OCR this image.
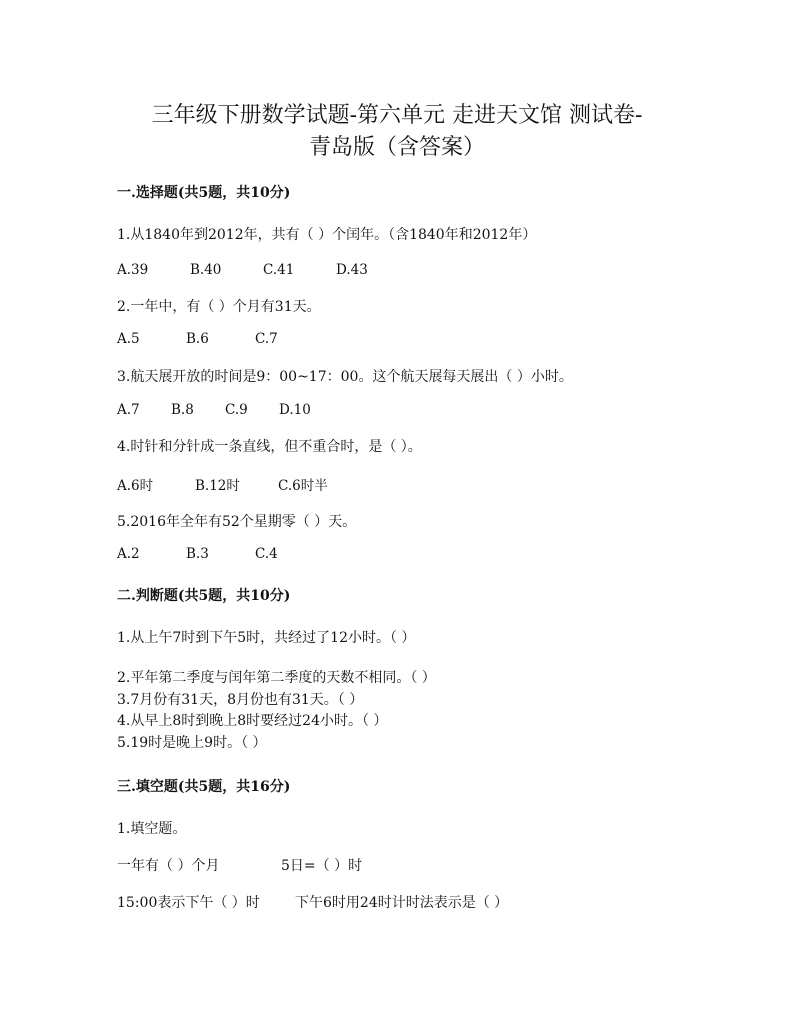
三年级下册数学试题-第六单元 走进天文馆 测试卷-
青岛版（含答案）
一.选择题(共5题，共10分)
1.从1840年到2012年，共有（ ）个闰年。（含1840年和2012年）
A.39	B.40	C.41	D.43
2.一年中，有（ ）个月有31天。
A.5	B.6	C.7
3.航天展开放的时间是9：00~17：00。这个航天展每天展出（ ）小时。
A.7 B.8 C.9 D.10
4.时针和分针成一条直线，但不重合时，是（ ）。
A.6时	B.12时	C.6时半
5.2016年全年有52个星期零（ ）天。
A.2	B.3	C.4
二.判断题(共5题，共10分)
1.从上午7时到下午5时，共经过了12小时。（ ）
2.平年第二季度与闰年第二季度的天数不相同。（ ）
3.7月份有31天，8月份也有31天。（ ）
4.从早上8时到晚上8时要经过24小时。（ ）
5.19时是晚上9时。（ ）
三.填空题(共5题，共16分)
1.填空题。
一年有（ ）个月	5日=（ ）时
15:00表示下午（ ）时	下午6时用24时计时法表示是（ ）
